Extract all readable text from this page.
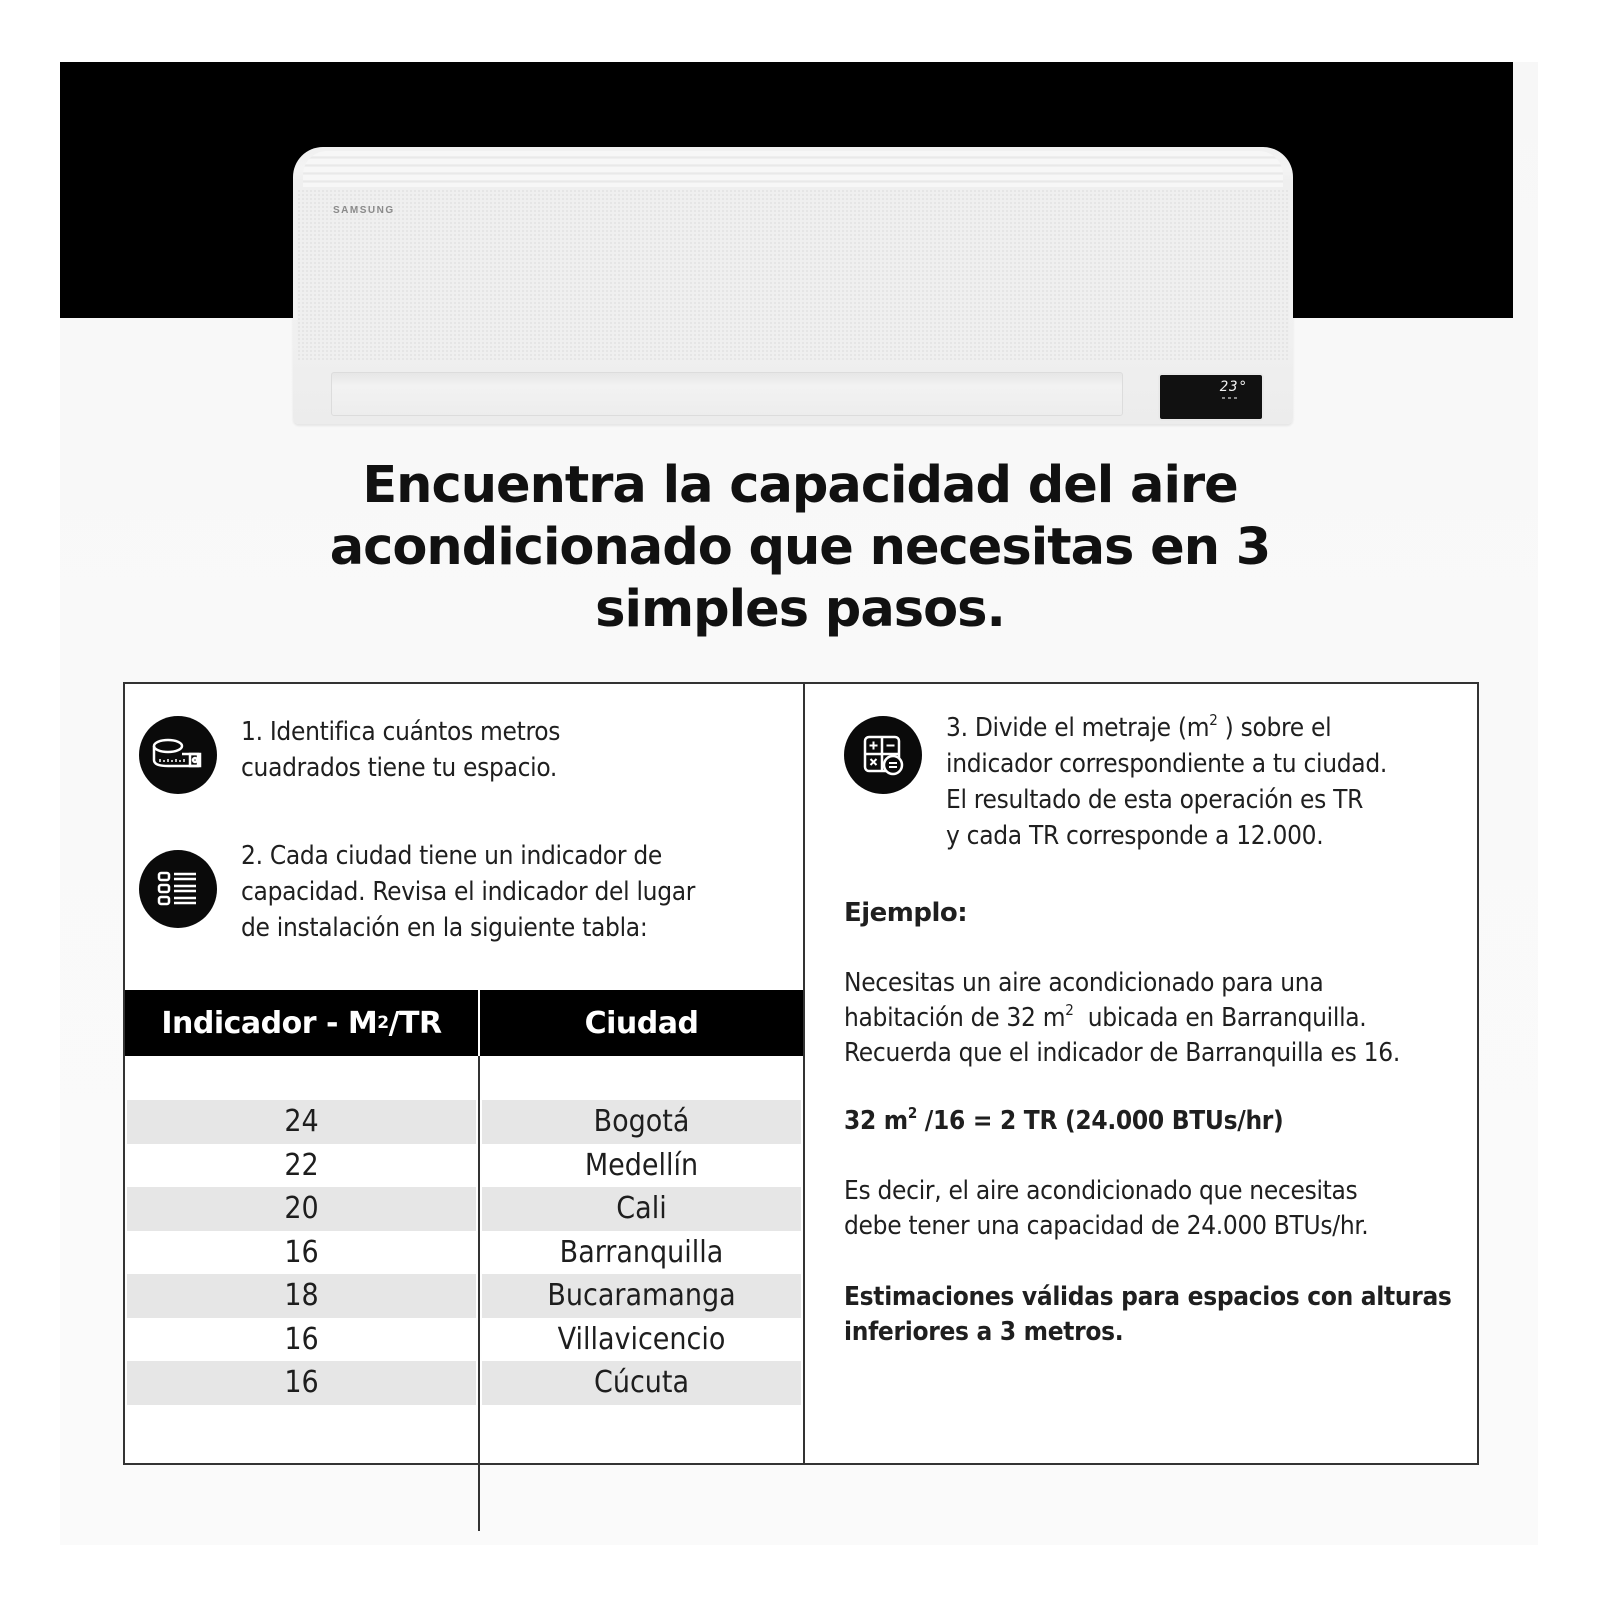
SAMSUNG
23°
Encuentra la capacidad del aire
acondicionado que necesitas en 3
simples pasos.
1. Identifica cuántos metros
cuadrados tiene tu espacio.
2. Cada ciudad tiene un indicador de
capacidad. Revisa el indicador del lugar
de instalación en la siguiente tabla:
Indicador - M 2 /TR	Ciudad
24	Bogotá
22	Medellín
20	Cali
16	Barranquilla
18	Bucaramanga
16	Villavicencio
16	Cúcuta
3. Divide el metraje ($m^2$ ) sobre el
indicador correspondiente a tu ciudad.
El resultado de esta operación es TR
y cada TR corresponde a 12.000.
Ejemplo:
Necesitas un aire acondicionado para una
habitación de 32 $m^2$  ubicada en Barranquilla.
Recuerda que el indicador de Barranquilla es 16.
32 $m^2$ /16 = 2 TR (24.000 BTUs/hr)
Es decir, el aire acondicionado que necesitas
debe tener una capacidad de 24.000 BTUs/hr.
Estimaciones válidas para espacios con alturas
inferiores a 3 metros.
